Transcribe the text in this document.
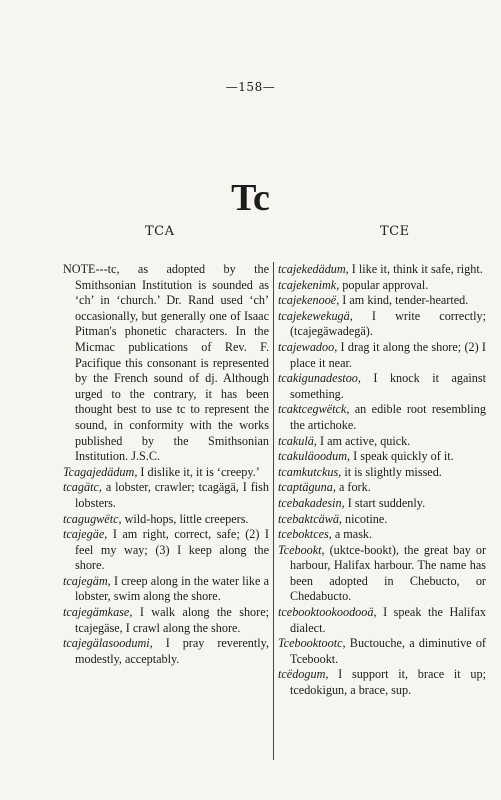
—158—
Tc
TCA	TCE

NOTE---tc, as adopted by the Smithsonian Institution is sounded as ‘ch’ in ‘church.’ Dr. Rand used ‘ch’ occasionally, but generally one of Isaac Pitman's phonetic characters. In the Micmac publications of Rev. F. Pacifique this consonant is represented by the French sound of dj. Although urged to the contrary, it has been thought best to use tc to represent the sound, in conformity with the works published by the Smithsonian Institution. J.S.C.

Tcagajedädum, I dislike it, it is ‘creepy.’

tcagätc, a lobster, crawler; tcagägä, I fish lobsters.

tcagugwëtc, wild-hops, little creepers.

tcajegäe, I am right, correct, safe; (2) I feel my way; (3) I keep along the shore.

tcajegäm, I creep along in the water like a lobster, swim along the shore.

tcajegämkase, I walk along the shore; tcajegäse, I crawl along the shore.

tcajegälasoodumi, I pray reverently, modestly, acceptably.

tcajekedädum, I like it, think it safe, right.

tcajekenimk, popular approval.

tcajekenooë, I am kind, tender-hearted.

tcajekewekugä, I write correctly; (tcajegäwadegä).

tcajewadoo, I drag it along the shore; (2) I place it near.

tcakigunadestoo, I knock it against something.

tcaktcegwëtck, an edible root resembling the artichoke.

tcakulä, I am active, quick.

tcakuläoodum, I speak quickly of it.

tcamkutckus, it is slightly missed.

tcaptäguna, a fork.

tcebakadesin, I start suddenly.

tcebaktcäwä, nicotine.

tceboktces, a mask.

Tcebookt, (uktce-bookt), the great bay or harbour, Halifax harbour. The name has been adopted in Chebucto, or Chedabucto.

tcebooktookoodooä, I speak the Halifax dialect.

Tcebooktootc, Buctouche, a diminutive of Tcebookt.

tcëdogum, I support it, brace it up; tcedokigun, a brace, sup.
